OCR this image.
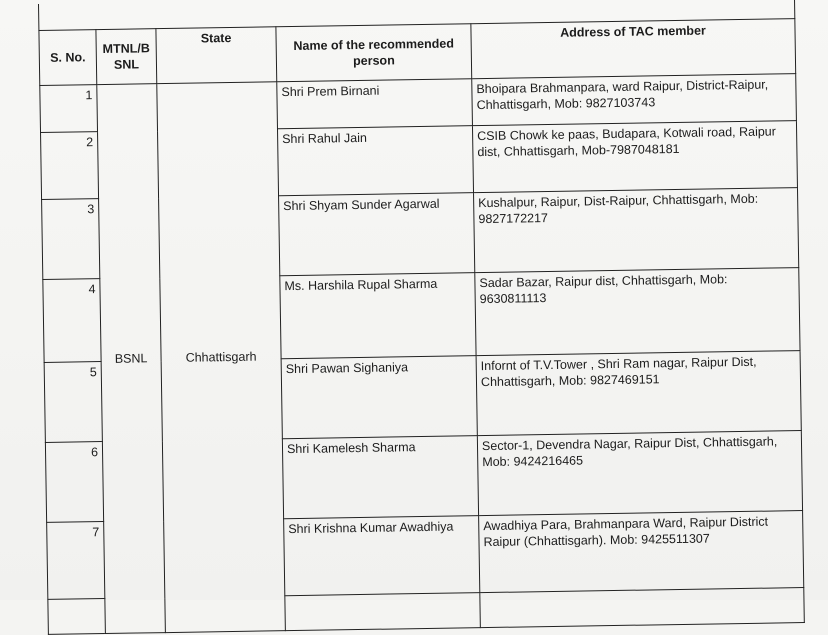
S. No.	MTNL/B SNL	State	Name of the recommended person	Address of TAC member
1	BSNL	Chhattisgarh	Shri Prem Birnani	Bhoipara Brahmanpara, ward Raipur, District-Raipur, Chhattisgarh, Mob: 9827103743
2			Shri Rahul Jain	CSIB Chowk ke paas, Budapara, Kotwali road, Raipur dist, Chhattisgarh, Mob-7987048181
3			Shri Shyam Sunder Agarwal	Kushalpur, Raipur, Dist-Raipur, Chhattisgarh, Mob: 9827172217
4			Ms. Harshila Rupal Sharma	Sadar Bazar, Raipur dist, Chhattisgarh, Mob: 9630811113
5			Shri Pawan Sighaniya	Infornt of T.V.Tower , Shri Ram nagar, Raipur Dist, Chhattisgarh, Mob: 9827469151
6			Shri Kamelesh Sharma	Sector-1, Devendra Nagar, Raipur Dist, Chhattisgarh, Mob: 9424216465
7			Shri Krishna Kumar Awadhiya	Awadhiya Para, Brahmanpara Ward, Raipur District Raipur (Chhattisgarh). Mob: 9425511307
